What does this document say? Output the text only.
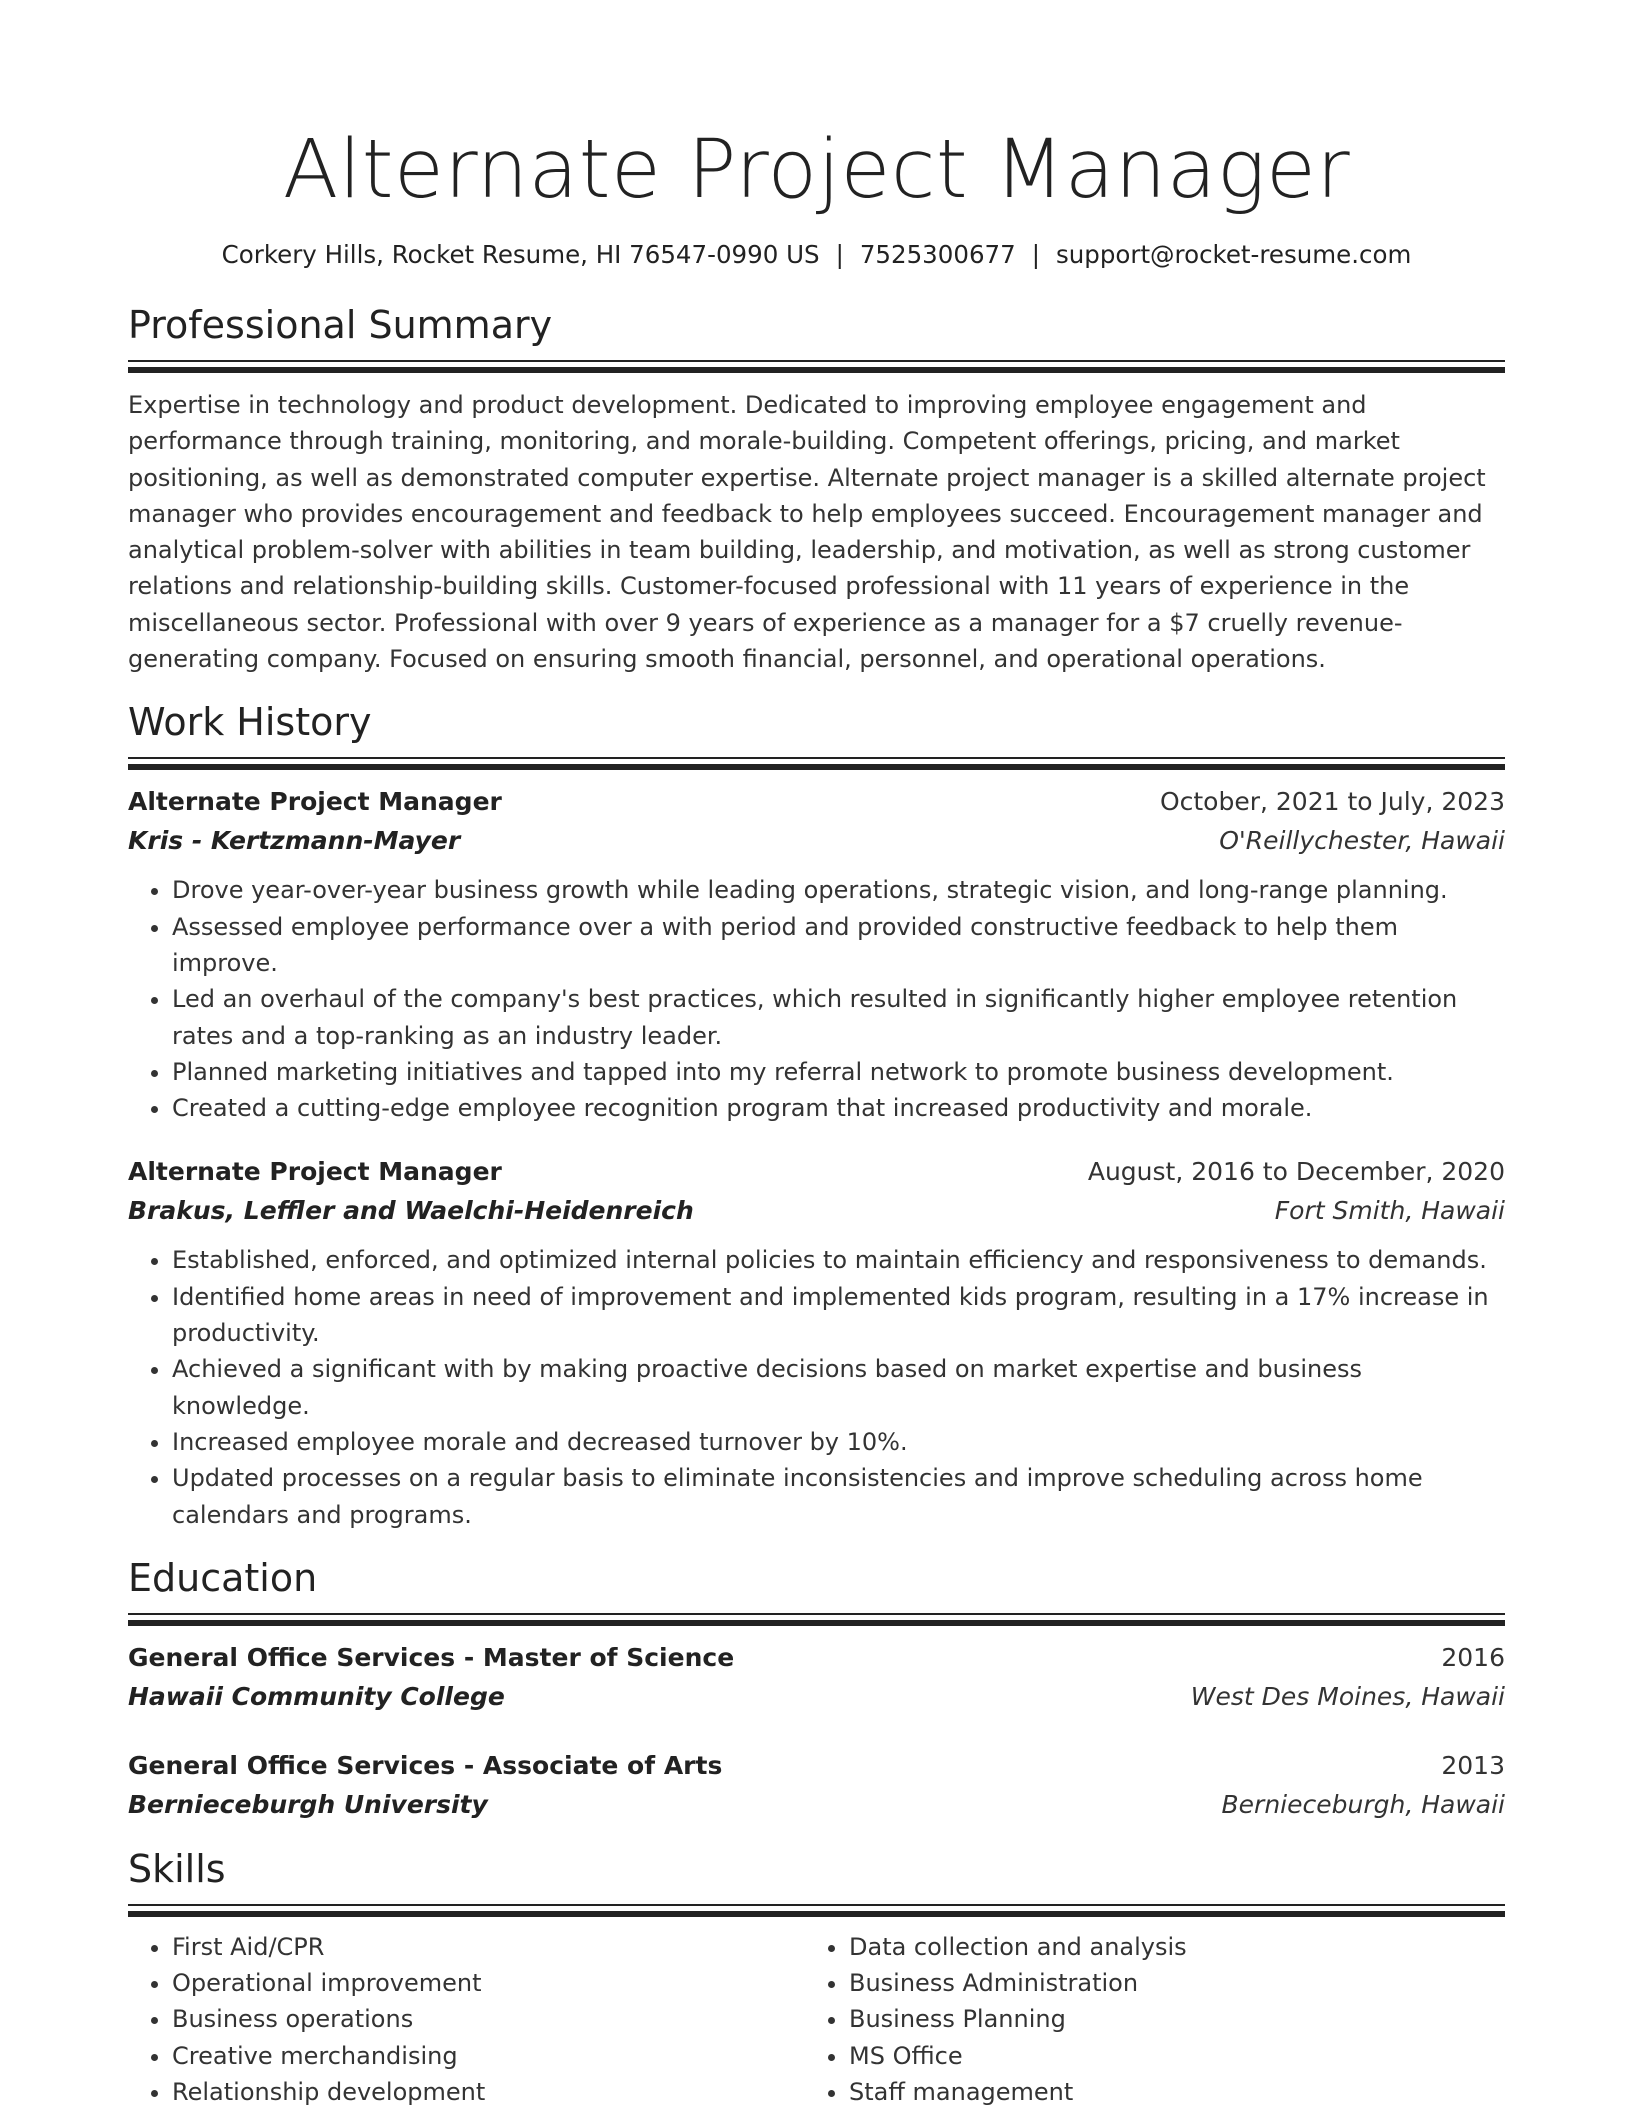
Alternate Project Manager
Corkery Hills, Rocket Resume, HI 76547-0990 US | 7525300677 | support@rocket-resume.com
Professional Summary
Expertise in technology and product development. Dedicated to improving employee engagement and performance through training, monitoring, and morale-building. Competent offerings, pricing, and market positioning, as well as demonstrated computer expertise. Alternate project manager is a skilled alternate project manager who provides encouragement and feedback to help employees succeed. Encouragement manager and analytical problem-solver with abilities in team building, leadership, and motivation, as well as strong customer relations and relationship-building skills. Customer-focused professional with 11 years of experience in the miscellaneous sector. Professional with over 9 years of experience as a manager for a $7 cruelly revenue-generating company. Focused on ensuring smooth financial, personnel, and operational operations.
Work History
Alternate Project Manager	October, 2021 to July, 2023
Kris - Kertzmann-Mayer	O'Reillychester, Hawaii
• Drove year-over-year business growth while leading operations, strategic vision, and long-range planning.
• Assessed employee performance over a with period and provided constructive feedback to help them improve.
• Led an overhaul of the company's best practices, which resulted in significantly higher employee retention rates and a top-ranking as an industry leader.
• Planned marketing initiatives and tapped into my referral network to promote business development.
• Created a cutting-edge employee recognition program that increased productivity and morale.
Alternate Project Manager	August, 2016 to December, 2020
Brakus, Leffler and Waelchi-Heidenreich	Fort Smith, Hawaii
• Established, enforced, and optimized internal policies to maintain efficiency and responsiveness to demands.
• Identified home areas in need of improvement and implemented kids program, resulting in a 17% increase in productivity.
• Achieved a significant with by making proactive decisions based on market expertise and business knowledge.
• Increased employee morale and decreased turnover by 10%.
• Updated processes on a regular basis to eliminate inconsistencies and improve scheduling across home calendars and programs.
Education
General Office Services - Master of Science	2016
Hawaii Community College	West Des Moines, Hawaii
General Office Services - Associate of Arts	2013
Bernieceburgh University	Bernieceburgh, Hawaii
Skills
• First Aid/CPR
• Operational improvement
• Business operations
• Creative merchandising
• Relationship development
• Data collection and analysis
• Business Administration
• Business Planning
• MS Office
• Staff management
